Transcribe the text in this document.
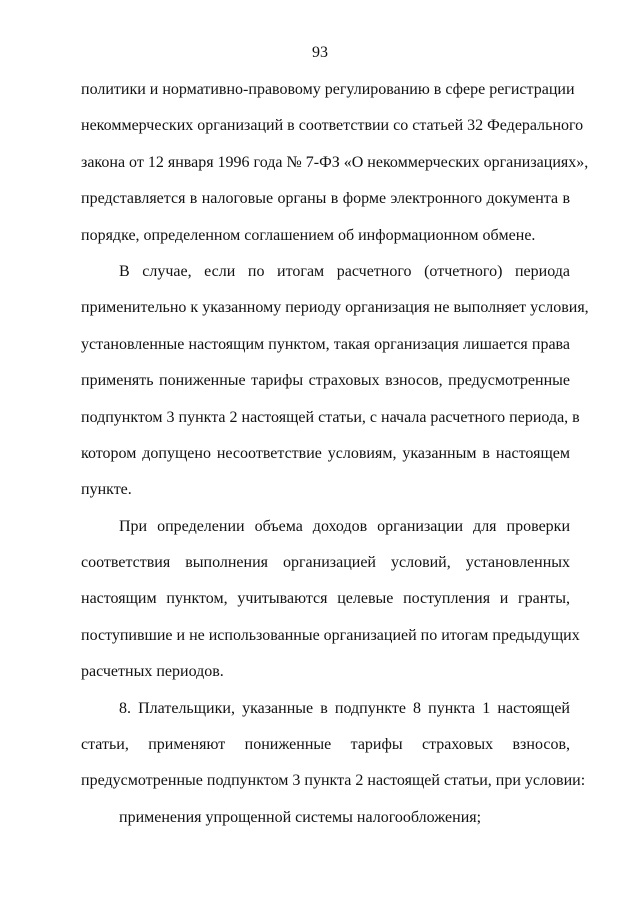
93
политики и нормативно-правовому регулированию в сфере регистрации
некоммерческих организаций в соответствии со статьей 32 Федерального
закона от 12 января 1996 года № 7-ФЗ «О некоммерческих организациях»,
представляется в налоговые органы в форме электронного документа в
порядке, определенном соглашением об информационном обмене.
В случае, если по итогам расчетного (отчетного) периода
применительно к указанному периоду организация не выполняет условия,
установленные настоящим пунктом, такая организация лишается права
применять пониженные тарифы страховых взносов, предусмотренные
подпунктом 3 пункта 2 настоящей статьи, с начала расчетного периода, в
котором допущено несоответствие условиям, указанным в настоящем
пункте.
При определении объема доходов организации для проверки
соответствия выполнения организацией условий, установленных
настоящим пунктом, учитываются целевые поступления и гранты,
поступившие и не использованные организацией по итогам предыдущих
расчетных периодов.
8. Плательщики, указанные в подпункте 8 пункта 1 настоящей
статьи, применяют пониженные тарифы страховых взносов,
предусмотренные подпунктом 3 пункта 2 настоящей статьи, при условии:
применения упрощенной системы налогообложения;
